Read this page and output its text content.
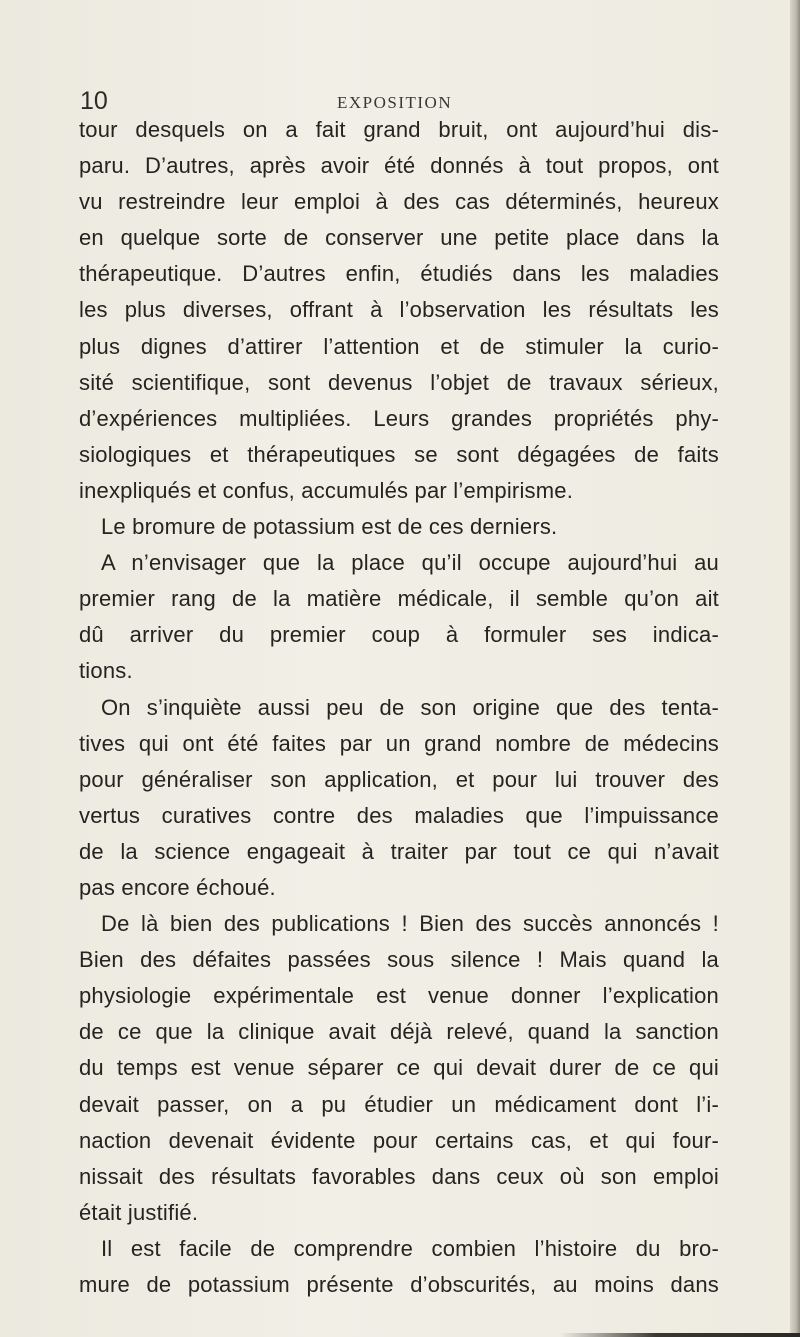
10	EXPOSITION
tour desquels on a fait grand bruit, ont aujourd’hui dis-
paru. D’autres, après avoir été donnés à tout propos, ont
vu restreindre leur emploi à des cas déterminés, heureux
en quelque sorte de conserver une petite place dans la
thérapeutique. D’autres enfin, étudiés dans les maladies
les plus diverses, offrant à l’observation les résultats les
plus dignes d’attirer l’attention et de stimuler la curio-
sité scientifique, sont devenus l’objet de travaux sérieux,
d’expériences multipliées. Leurs grandes propriétés phy-
siologiques et thérapeutiques se sont dégagées de faits
inexpliqués et confus, accumulés par l’empirisme.
Le bromure de potassium est de ces derniers.
A n’envisager que la place qu’il occupe aujourd’hui au
premier rang de la matière médicale, il semble qu’on ait
dû arriver du premier coup à formuler ses indica-
tions.
On s’inquiète aussi peu de son origine que des tenta-
tives qui ont été faites par un grand nombre de médecins
pour généraliser son application, et pour lui trouver des
vertus curatives contre des maladies que l’impuissance
de la science engageait à traiter par tout ce qui n’avait
pas encore échoué.
De là bien des publications ! Bien des succès annoncés !
Bien des défaites passées sous silence ! Mais quand la
physiologie expérimentale est venue donner l’explication
de ce que la clinique avait déjà relevé, quand la sanction
du temps est venue séparer ce qui devait durer de ce qui
devait passer, on a pu étudier un médicament dont l’i-
naction devenait évidente pour certains cas, et qui four-
nissait des résultats favorables dans ceux où son emploi
était justifié.
Il est facile de comprendre combien l’histoire du bro-
mure de potassium présente d’obscurités, au moins dans
